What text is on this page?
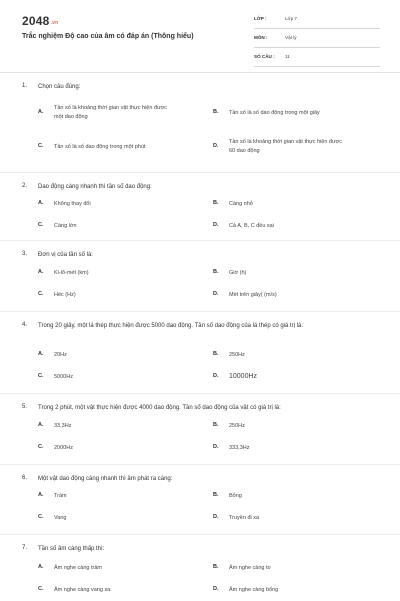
2048.vn
Trắc nghiệm Độ cao của âm có đáp án (Thông hiểu)
LỚP :	Lớp 7
MÔN :	Vật lý
SỐ CÂU : 11
1. Chọn câu đúng:
A.
Tần số là khoảng thời gian vật thực hiện được một dao động
B. Tần số là số dao động trong một giây
C. Tần số là số dao động trong một phút	D.
Tần số là khoảng thời gian vật thực hiện được 60 dao động
2. Dao động càng nhanh thì tần số dao động:
A. Không thay đổi	B. Càng nhỏ
C. Càng lớn	D. Cả A, B, C đều sai
3. Đơn vị của tần số là:
A. Ki-lô-mét (km)	B. Giờ (h)
C. Héc (Hz)	D. Mét trên giây( (m/s)
4. Trong 20 giây, một lá thép thực hiện được 5000 dao động. Tần số dao động của lá thép có giá trị là:
A. 20Hz	B. 250Hz
C. 5000Hz	D. 10000Hz
5. Trong 2 phút, một vật thực hiện được 4000 dao động. Tần số dao động của vật có giá trị là:
A. 33,3Hz	B. 250Hz
C. 2000Hz	D. 333,3Hz
6. Một vật dao động càng nhanh thì âm phát ra càng:
A. Trầm	B. Bổng
C. Vang	D. Truyền đi xa
7. Tần số âm càng thấp thì:
A. Âm nghe càng trầm	B. Âm nghe càng to
C. Âm nghe càng vang xa	D. Âm nghe càng bổng
